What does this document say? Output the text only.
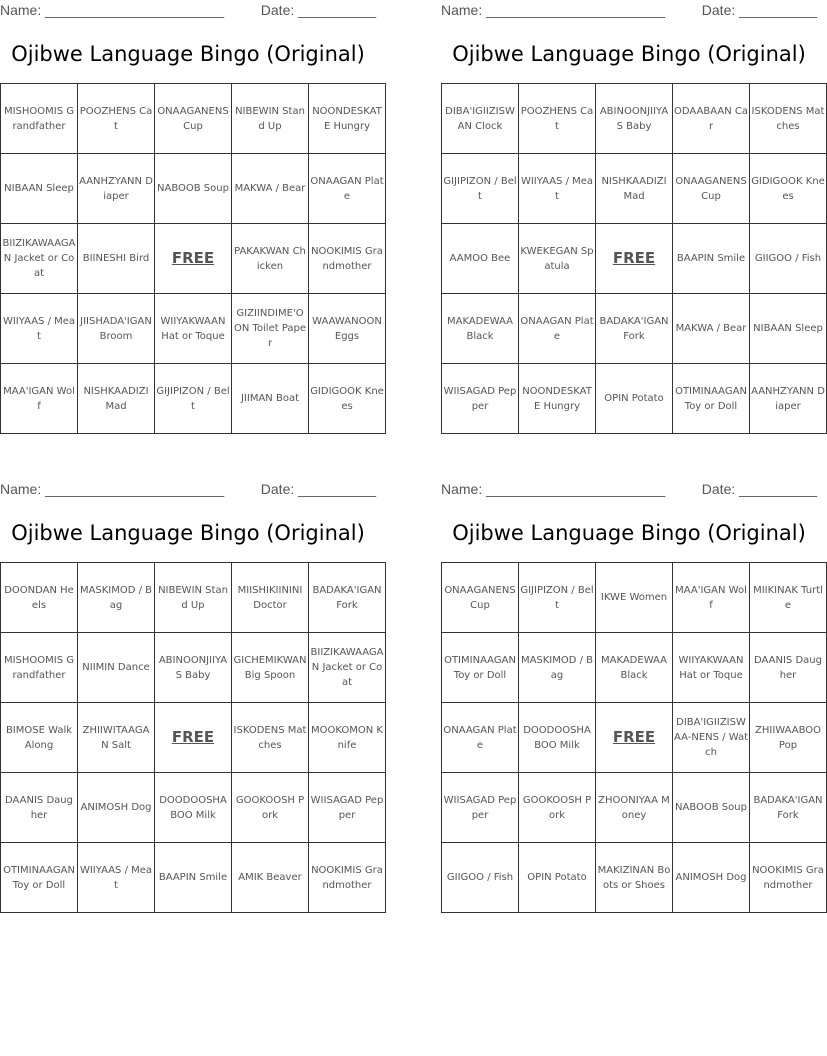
Name: _______________________	Date: __________
Ojibwe Language Bingo (Original)
MISHOOMIS Grandfather	POOZHENS Cat	ONAAGANENS Cup	NIBEWIN Stand Up	NOONDESKATE Hungry
NIBAAN Sleep	AANHZYANN Diaper	NABOOB Soup	MAKWA / Bear	ONAAGAN Plate
BIIZIKAWAAGAN Jacket or Coat	BIINESHI Bird	FREE	PAKAKWAN Chicken	NOOKIMIS Grandmother
WIIYAAS / Meat	JIISHADA'IGAN Broom	WIIYAKWAAN Hat or Toque	GIZIINDIME'OON Toilet Paper	WAAWANOON Eggs
MAA'IGAN Wolf	NISHKAADIZI Mad	GIJIPIZON / Belt	JIIMAN Boat	GIDIGOOK Knees
Name: _______________________	Date: __________
Ojibwe Language Bingo (Original)
DIBA'IGIIZISWAN Clock	POOZHENS Cat	ABINOONJIIYAS Baby	ODAABAAN Car	ISKODENS Matches
GIJIPIZON / Belt	WIIYAAS / Meat	NISHKAADIZI Mad	ONAAGANENS Cup	GIDIGOOK Knees
AAMOO Bee	KWEKEGAN Spatula	FREE	BAAPIN Smile	GIIGOO / Fish
MAKADEWAA Black	ONAAGAN Plate	BADAKA'IGAN Fork	MAKWA / Bear	NIBAAN Sleep
WIISAGAD Pepper	NOONDESKATE Hungry	OPIN Potato	OTIMINAAGAN Toy or Doll	AANHZYANN Diaper
Name: _______________________	Date: __________
Ojibwe Language Bingo (Original)
DOONDAN Heels	MASKIMOD / Bag	NIBEWIN Stand Up	MIISHIKIININI Doctor	BADAKA'IGAN Fork
MISHOOMIS Grandfather	NIIMIN Dance	ABINOONJIIYAS Baby	GICHEMIKWAN Big Spoon	BIIZIKAWAAGAN Jacket or Coat
BIMOSE Walk Along	ZHIIWITAAGAN Salt	FREE	ISKODENS Matches	MOOKOMON Knife
DAANIS Daugher	ANIMOSH Dog	DOODOOSHABOO Milk	GOOKOOSH Pork	WIISAGAD Pepper
OTIMINAAGAN Toy or Doll	WIIYAAS / Meat	BAAPIN Smile	AMIK Beaver	NOOKIMIS Grandmother
Name: _______________________	Date: __________
Ojibwe Language Bingo (Original)
ONAAGANENS Cup	GIJIPIZON / Belt	IKWE Women	MAA'IGAN Wolf	MIIKINAK Turtle
OTIMINAAGAN Toy or Doll	MASKIMOD / Bag	MAKADEWAA Black	WIIYAKWAAN Hat or Toque	DAANIS Daugher
ONAAGAN Plate	DOODOOSHABOO Milk	FREE	DIBA'IGIIZISWAA-NENS / Watch	ZHIIWAABOO Pop
WIISAGAD Pepper	GOOKOOSH Pork	ZHOONIYAA Money	NABOOB Soup	BADAKA'IGAN Fork
GIIGOO / Fish	OPIN Potato	MAKIZINAN Boots or Shoes	ANIMOSH Dog	NOOKIMIS Grandmother
